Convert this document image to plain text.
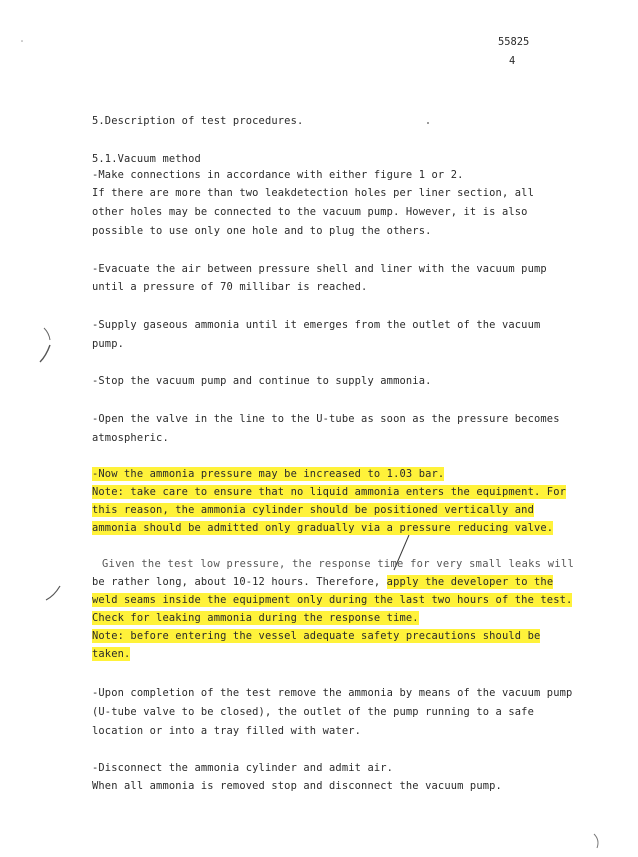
55825
4
5.Description of test procedures.
5.1.Vacuum method
-Make connections in accordance with either figure 1 or 2.
If there are more than two leakdetection holes per liner section, all
other holes may be connected to the vacuum pump. However, it is also
possible to use only one hole and to plug the others.
-Evacuate the air between pressure shell and liner with the vacuum pump
until a pressure of 70 millibar is reached.
-Supply gaseous ammonia until it emerges from the outlet of the vacuum
pump.
-Stop the vacuum pump and continue to supply ammonia.
-Open the valve in the line to the U-tube as soon as the pressure becomes
atmospheric.
-Now the ammonia pressure may be increased to 1.03 bar.
Note: take care to ensure that no liquid ammonia enters the equipment. For
this reason, the ammonia cylinder should be positioned vertically and
ammonia should be admitted only gradually via a pressure reducing valve.
Given the test low pressure, the response time for very small leaks will
be rather long, about 10-12 hours. Therefore, apply the developer to the
weld seams inside the equipment only during the last two hours of the test.
Check for leaking ammonia during the response time.
Note: before entering the vessel adequate safety precautions should be
taken.
-Upon completion of the test remove the ammonia by means of the vacuum pump
(U-tube valve to be closed), the outlet of the pump running to a safe
location or into a tray filled with water.
-Disconnect the ammonia cylinder and admit air.
When all ammonia is removed stop and disconnect the vacuum pump.
